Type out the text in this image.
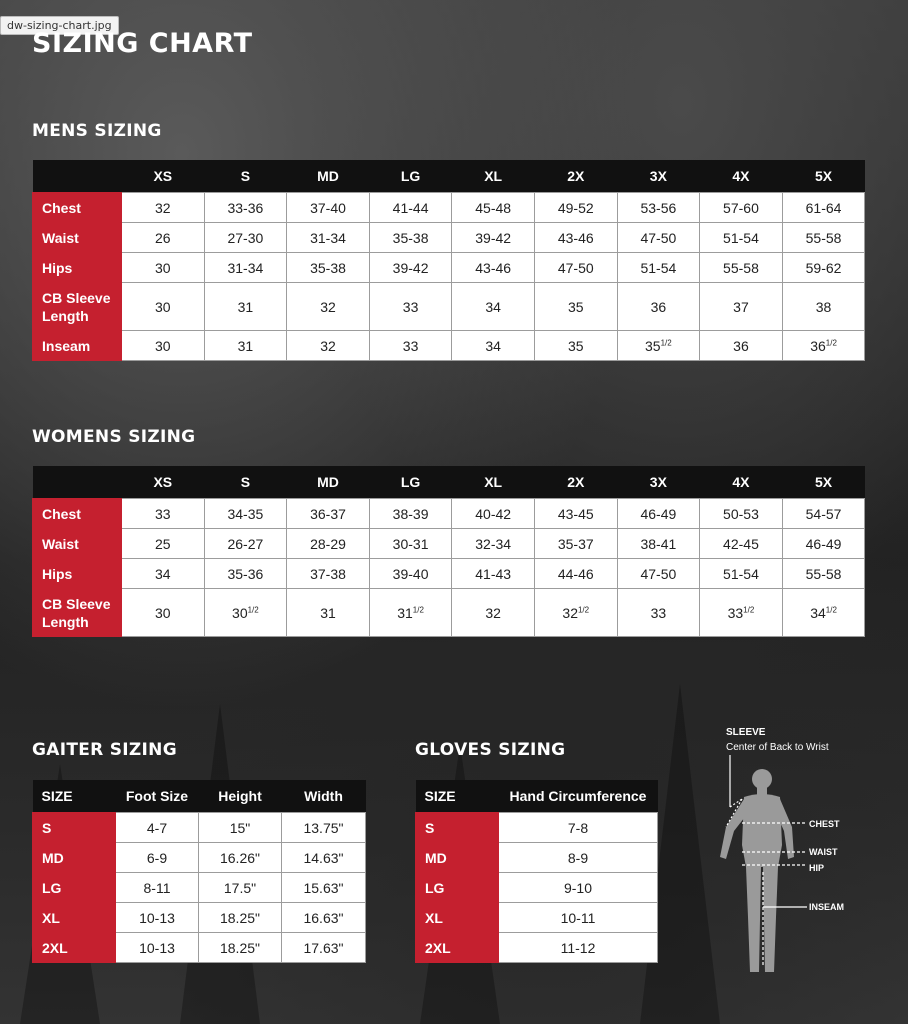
dw-sizing-chart.jpg
SIZING CHART
MENS SIZING
	XS	S	MD	LG	XL	2X	3X	4X	5X
Chest	32	33-36	37-40	41-44	45-48	49-52	53-56	57-60	61-64
Waist	26	27-30	31-34	35-38	39-42	43-46	47-50	51-54	55-58
Hips	30	31-34	35-38	39-42	43-46	47-50	51-54	55-58	59-62
CB Sleeve Length	30	31	32	33	34	35	36	37	38
Inseam	30	31	32	33	34	35	$35^{1/2}$	36	$36^{1/2}$
WOMENS SIZING
	XS	S	MD	LG	XL	2X	3X	4X	5X
Chest	33	34-35	36-37	38-39	40-42	43-45	46-49	50-53	54-57
Waist	25	26-27	28-29	30-31	32-34	35-37	38-41	42-45	46-49
Hips	34	35-36	37-38	39-40	41-43	44-46	47-50	51-54	55-58
CB Sleeve Length	30	$30^{1/2}$	31	$31^{1/2}$	32	$32^{1/2}$	33	$33^{1/2}$	$34^{1/2}$
GAITER SIZING
SIZE	Foot Size	Height	Width
S	4-7	15"	13.75"
MD	6-9	16.26"	14.63"
LG	8-11	17.5"	15.63"
XL	10-13	18.25"	16.63"
2XL	10-13	18.25"	17.63"
GLOVES SIZING
SIZE	Hand Circumference
S	7-8
MD	8-9
LG	9-10
XL	10-11
2XL	11-12
SLEEVE
Center of Back to Wrist
CHEST
WAIST
HIP
INSEAM
